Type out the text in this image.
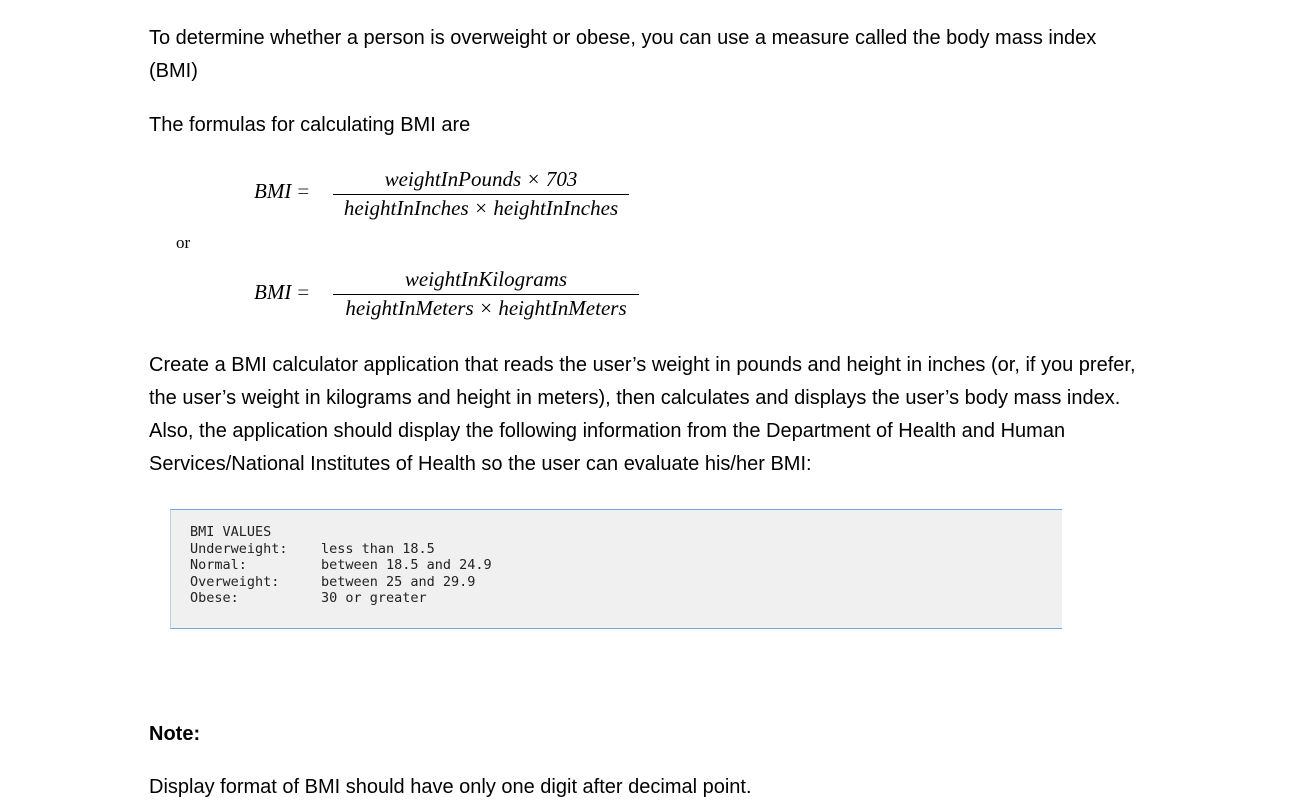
To determine whether a person is overweight or obese, you can use a measure called the body mass index (BMI)

The formulas for calculating BMI are

BMI =	weightInPounds × 703
heightInInches × heightInInches
or
BMI =
weightInKilograms
heightInMeters × heightInMeters

Create a BMI calculator application that reads the user’s weight in pounds and height in inches (or, if you prefer, the user’s weight in kilograms and height in meters), then calculates and displays the user’s body mass index. Also, the application should display the following information from the Department of Health and Human Services/National Institutes of Health so the user can evaluate his/her BMI:

BMI VALUES
Underweight:	less than 18.5
Normal:	between 18.5 and 24.9
Overweight:	between 25 and 29.9
Obese:	30 or greater

Note:

Display format of BMI should have only one digit after decimal point.
